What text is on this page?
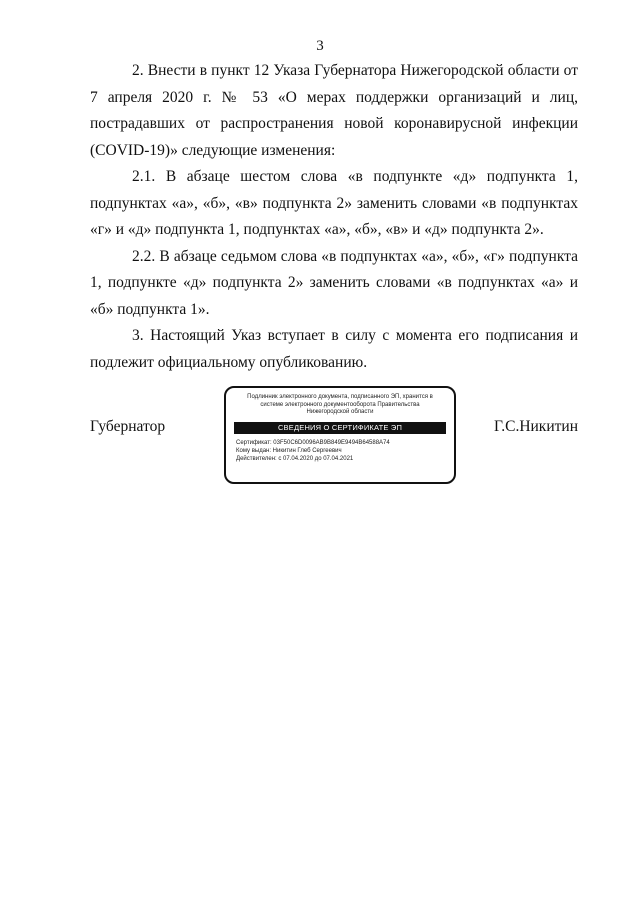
3

2. Внести в пункт 12 Указа Губернатора Нижегородской области от 7 апреля 2020 г. № 53 «О мерах поддержки организаций и лиц, пострадавших от распространения новой коронавирусной инфекции (COVID-19)» следующие изменения:

2.1. В абзаце шестом слова «в подпункте «д» подпункта 1, подпунктах «а», «б», «в» подпункта 2» заменить словами «в подпунктах «г» и «д» подпункта 1, подпунктах «а», «б», «в» и «д» подпункта 2».

2.2. В абзаце седьмом слова «в подпунктах «а», «б», «г» подпункта 1, подпункте «д» подпункта 2» заменить словами «в подпунктах «а» и «б» подпункта 1».

3. Настоящий Указ вступает в силу с момента его подписания и подлежит официальному опубликованию.

Губернатор
Подлинник электронного документа, подписанного ЭП, хранится в системе электронного документооборота Правительства Нижегородской области
СВЕДЕНИЯ О СЕРТИФИКАТЕ ЭП
Сертификат: 03F50C6D0096AB9B849E9494B64588A74
Кому выдан: Никитин Глеб Сергеевич
Действителен: с 07.04.2020 до 07.04.2021
Г.С.Никитин
